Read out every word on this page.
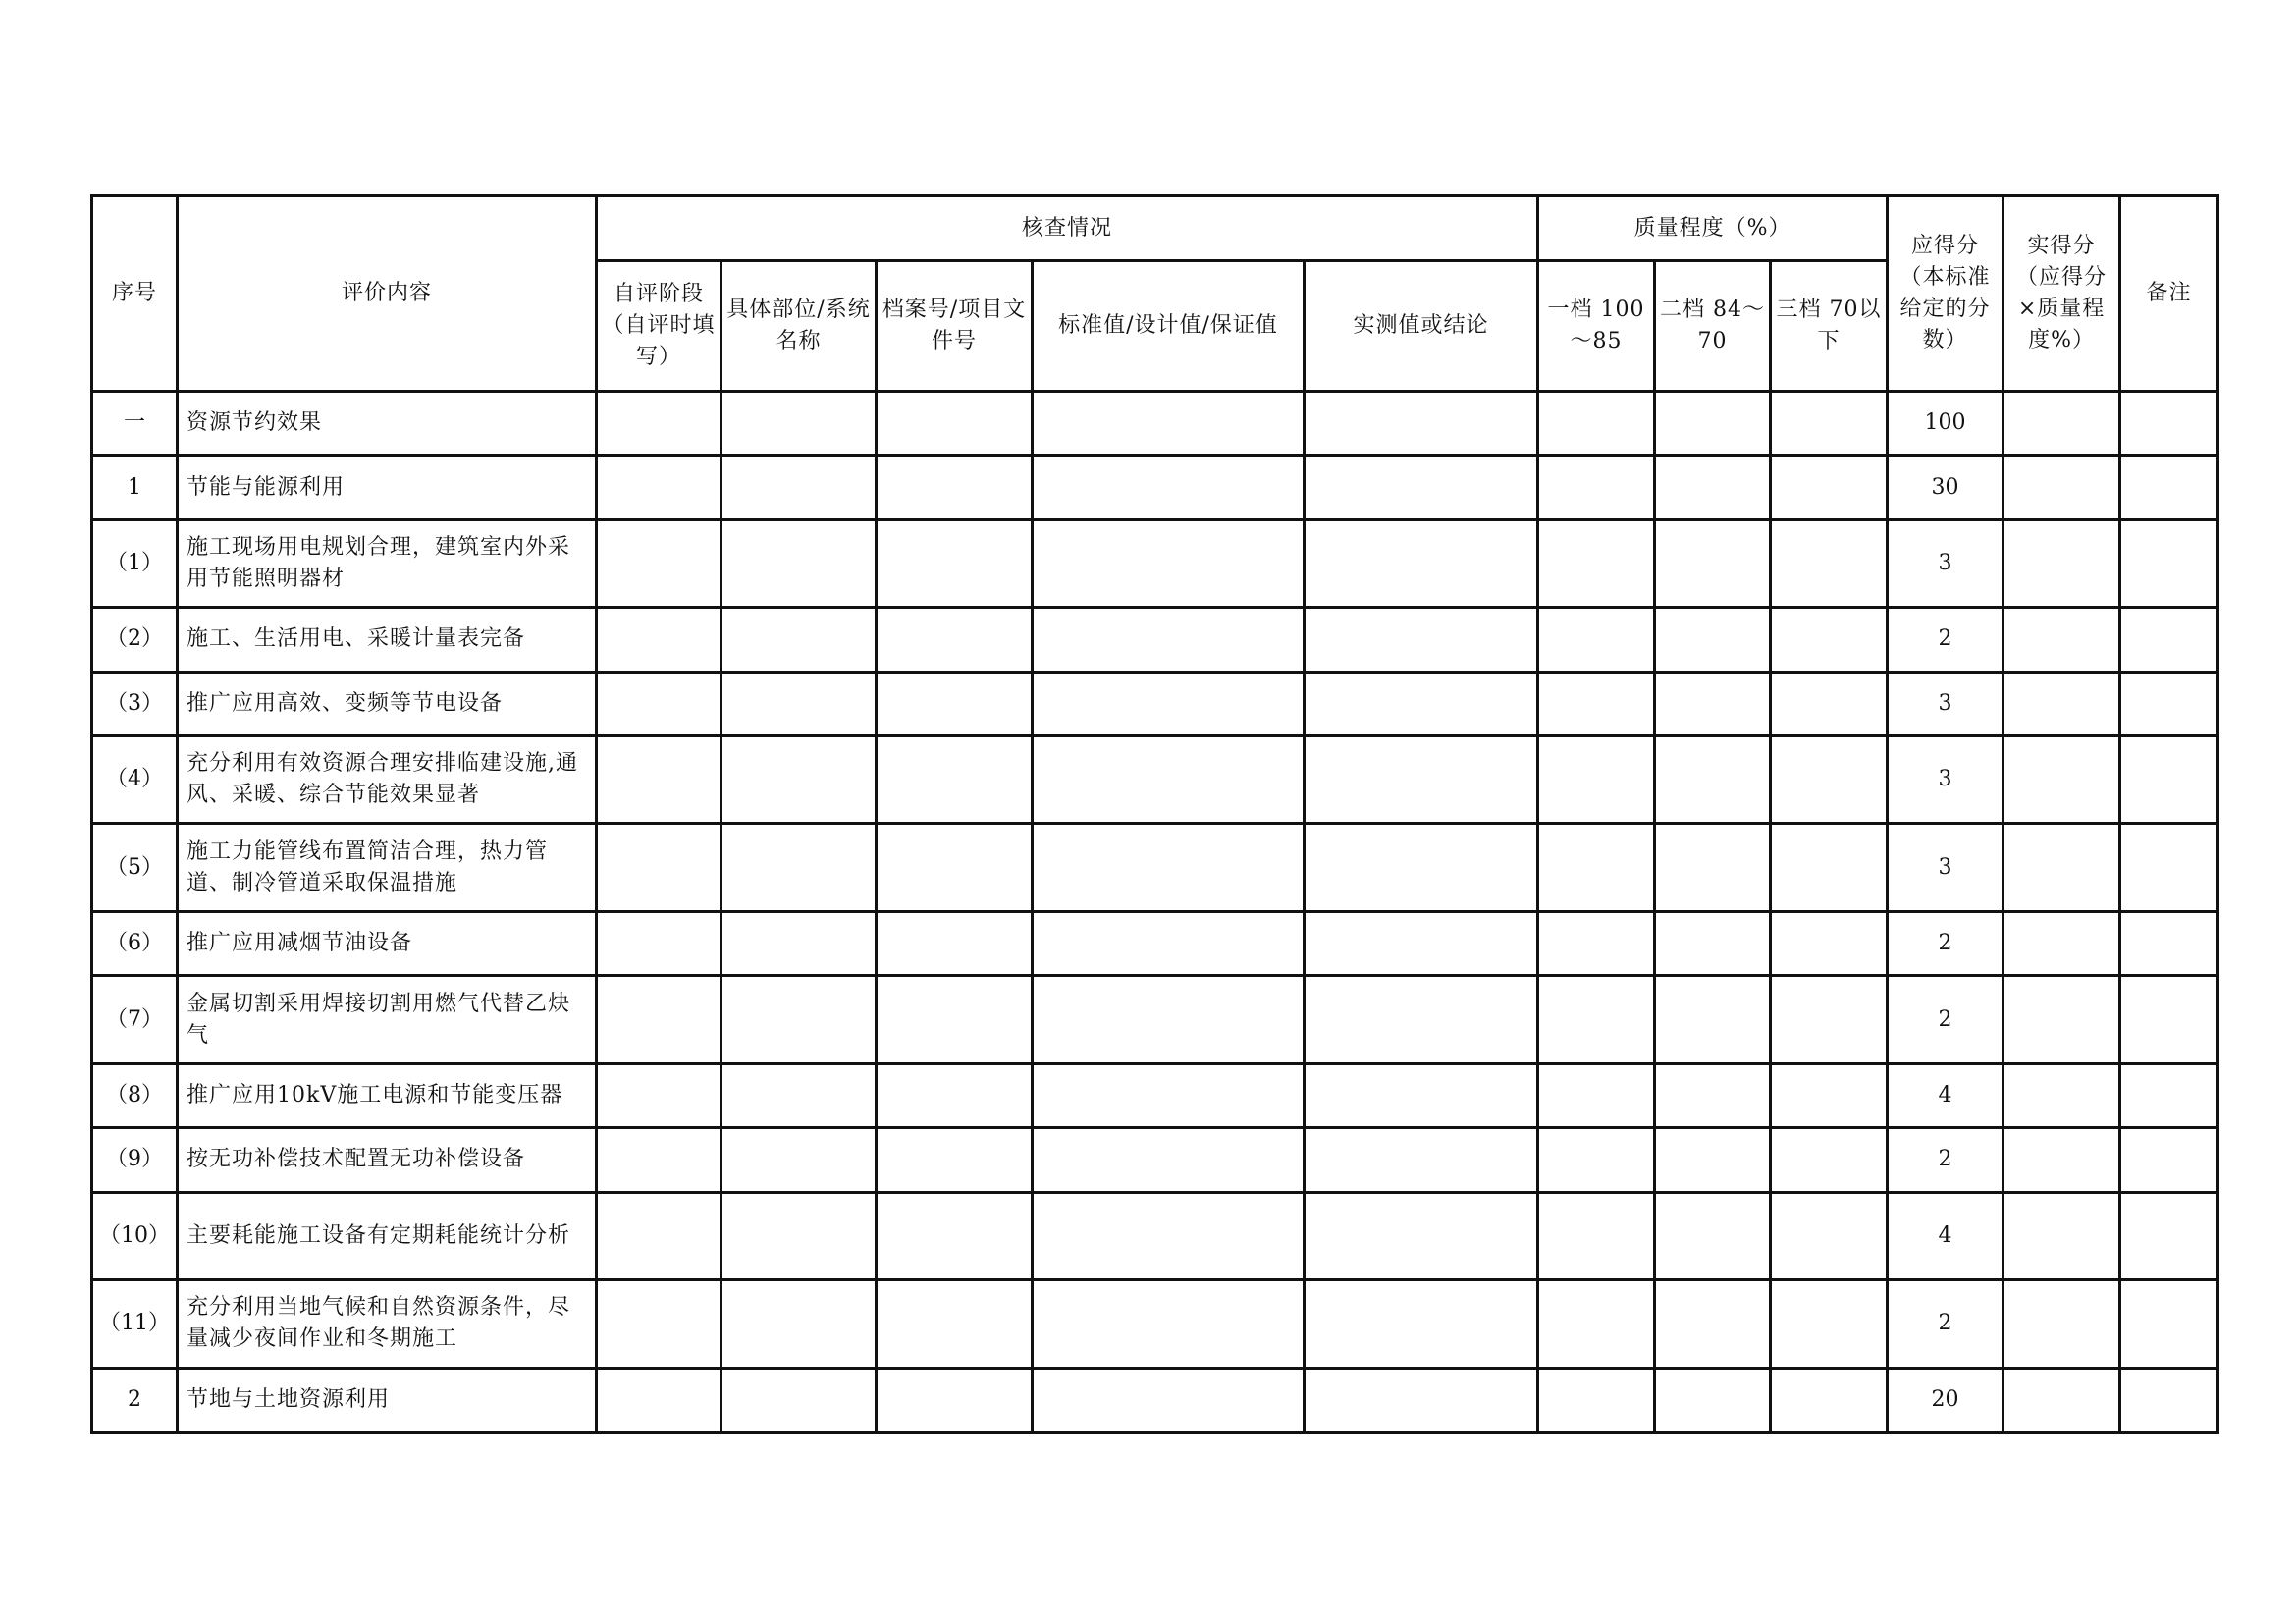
序号	评价内容	核查情况					质量程度（%）			应得分（本标准给定的分数）	实得分（应得分×质量程度%）	备注
		自评阶段（自评时填写）	具体部位/系统名称	档案号/项目文件号	标准值/设计值/保证值	实测值或结论	一档 100～85	二档 84～70	三档 70以下			
一	资源节约效果									100		
1	节能与能源利用									30		
（1）	施工现场用电规划合理，建筑室内外采用节能照明器材									3		
（2）	施工、生活用电、采暖计量表完备									2		
（3）	推广应用高效、变频等节电设备									3		
（4）	充分利用有效资源合理安排临建设施,通风、采暖、综合节能效果显著									3		
（5）	施工力能管线布置简洁合理，热力管道、制冷管道采取保温措施									3		
（6）	推广应用减烟节油设备									2		
（7）	金属切割采用焊接切割用燃气代替乙炔气									2		
（8）	推广应用10kV施工电源和节能变压器									4		
（9）	按无功补偿技术配置无功补偿设备									2		
（10）	主要耗能施工设备有定期耗能统计分析									4		
（11）	充分利用当地气候和自然资源条件，尽量减少夜间作业和冬期施工									2		
2	节地与土地资源利用									20		
